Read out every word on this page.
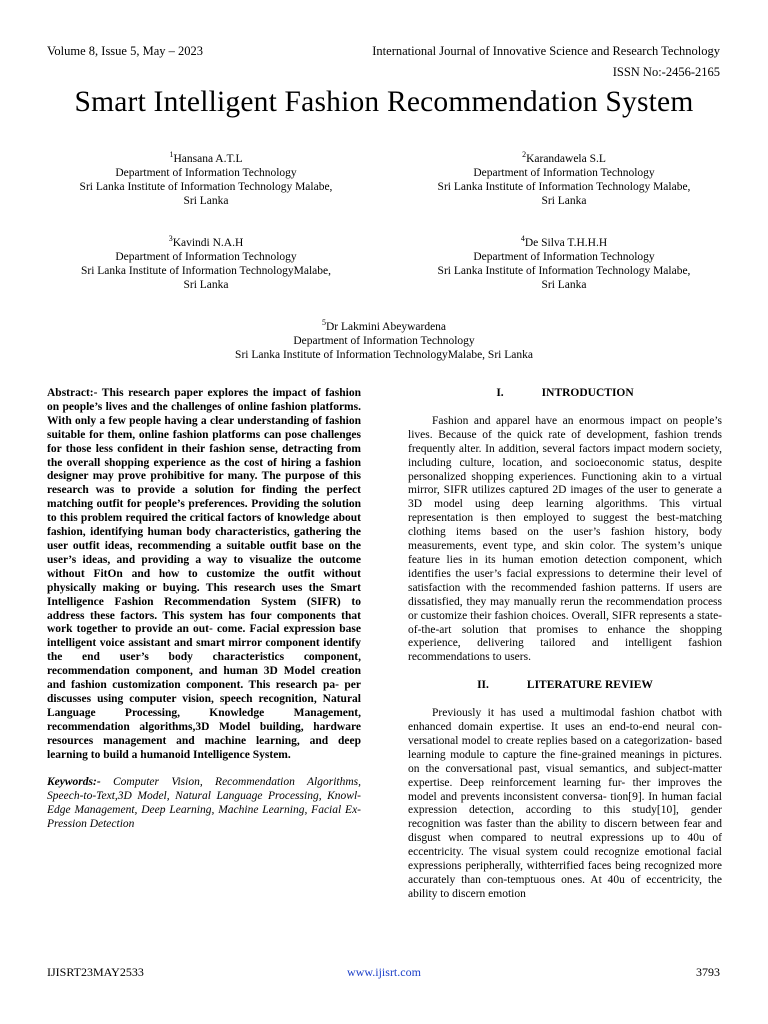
Volume 8, Issue 5, May – 2023	International Journal of Innovative Science and Research Technology
ISSN No:-2456-2165
Smart Intelligent Fashion Recommendation System
$^1$Hansana A.T.L
Department of Information Technology
Sri Lanka Institute of Information Technology Malabe,
Sri Lanka
$^2$Karandawela S.L
Department of Information Technology
Sri Lanka Institute of Information Technology Malabe,
Sri Lanka
$^3$Kavindi N.A.H
Department of Information Technology
Sri Lanka Institute of Information TechnologyMalabe,
Sri Lanka
$^4$De Silva T.H.H.H
Department of Information Technology
Sri Lanka Institute of Information Technology Malabe,
Sri Lanka
$^5$Dr Lakmini Abeywardena
Department of Information Technology
Sri Lanka Institute of Information TechnologyMalabe, Sri Lanka

Abstract:- This research paper explores the impact of fashion on people’s lives and the challenges of online fashion platforms. With only a few people having a clear understanding of fashion suitable for them, online fashion platforms can pose challenges for those less confident in their fashion sense, detracting from the overall shopping experience as the cost of hiring a fashion designer may prove prohibitive for many. The purpose of this research was to provide a solution for finding the perfect matching outfit for people’s preferences. Providing the solution to this problem required the critical factors of knowledge about fashion, identifying human body characteristics, gathering the user outfit ideas, recommending a suitable outfit base on the user’s ideas, and providing a way to visualize the outcome without FitOn and how to customize the outfit without physically making or buying. This research uses the Smart Intelligence Fashion Recommendation System (SIFR) to address these factors. This system has four components that work together to provide an out- come. Facial expression base intelligent voice assistant and smart mirror component identify the end user’s body characteristics component, recommendation component, and human 3D Model creation and fashion customization component. This research pa- per discusses using computer vision, speech recognition, Natural Language Processing, Knowledge Management, recommendation algorithms,3D Model building, hardware resources management and machine learning, and deep learning to build a humanoid Intelligence System.

Keywords:- Computer Vision, Recommendation Algorithms, Speech-to-Text,3D Model, Natural Language Processing, Knowl- Edge Management, Deep Learning, Machine Learning, Facial Ex- Pression Detection

I.	INTRODUCTION

Fashion and apparel have an enormous impact on people’s lives. Because of the quick rate of development, fashion trends frequently alter. In addition, several factors impact modern society, including culture, location, and socioeconomic status, despite personalized shopping experiences. Functioning akin to a virtual mirror, SIFR utilizes captured 2D images of the user to generate a 3D model using deep learning algorithms. This virtual representation is then employed to suggest the best-matching clothing items based on the user’s fashion history, body measurements, event type, and skin color. The system’s unique feature lies in its human emotion detection component, which identifies the user’s facial expressions to determine their level of satisfaction with the recommended fashion patterns. If users are dissatisfied, they may manually rerun the recommendation process or customize their fashion choices. Overall, SIFR represents a state-of-the-art solution that promises to enhance the shopping experience, delivering tailored and intelligent fashion recommendations to users.

II.	LITERATURE REVIEW

Previously it has used a multimodal fashion chatbot with enhanced domain expertise. It uses an end-to-end neural con- versational model to create replies based on a categorization- based learning module to capture the fine-grained meanings in pictures. on the conversational past, visual semantics, and subject-matter expertise. Deep reinforcement learning fur- ther improves the model and prevents inconsistent conversa- tion[9]. In human facial expression detection, according to this study[10], gender recognition was faster than the ability to discern between fear and disgust when compared to neutral expressions up to 40u of eccentricity. The visual system could recognize emotional facial expressions peripherally, withterrified faces being recognized more accurately than con-temptuous ones. At 40u of eccentricity, the ability to discern emotion

IJISRT23MAY2533	www.ijisrt.com	3793
